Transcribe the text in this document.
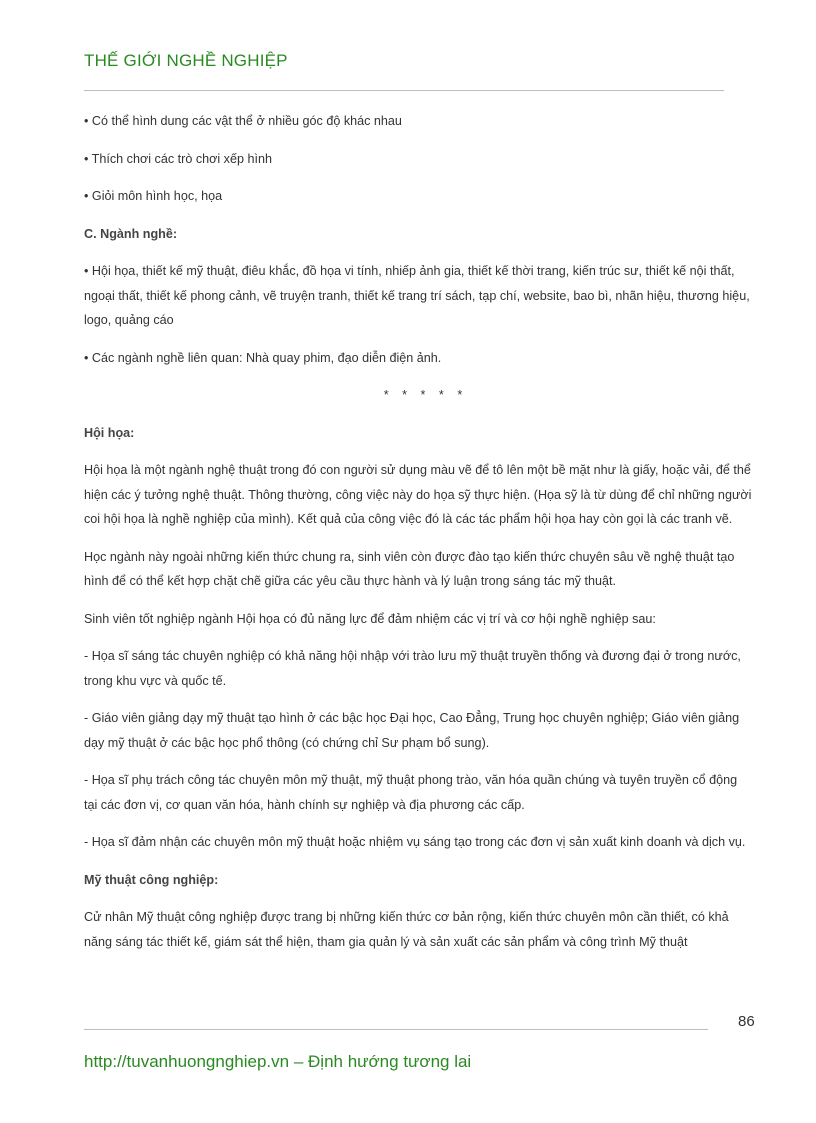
THẾ GIỚI NGHỀ NGHIỆP

• Có thể hình dung các vật thể ở nhiều góc độ khác nhau

• Thích chơi các trò chơi xếp hình

• Giỏi môn hình học, họa

C. Ngành nghề:

• Hội họa, thiết kế mỹ thuật, điêu khắc, đồ họa vi tính, nhiếp ảnh gia, thiết kế thời trang, kiến trúc sư, thiết kế nội thất, ngoại thất, thiết kế phong cảnh, vẽ truyện tranh, thiết kế trang trí sách, tạp chí, website, bao bì, nhãn hiệu, thương hiệu, logo, quảng cáo

• Các ngành nghề liên quan: Nhà quay phim, đạo diễn điện ảnh.

* * * * *

Hội họa:

Hội họa là một ngành nghệ thuật trong đó con người sử dụng màu vẽ để tô lên một bề mặt như là giấy, hoặc vải, để thể hiện các ý tưởng nghệ thuật. Thông thường, công việc này do họa sỹ thực hiện. (Họa sỹ là từ dùng để chỉ những người coi hội họa là nghề nghiệp của mình). Kết quả của công việc đó là các tác phẩm hội họa hay còn gọi là các tranh vẽ.

Học ngành này ngoài những kiến thức chung ra, sinh viên còn được đào tạo kiến thức chuyên sâu về nghệ thuật tạo hình để có thể kết hợp chặt chẽ giữa các yêu cầu thực hành và lý luận trong sáng tác mỹ thuật.

Sinh viên tốt nghiệp ngành Hội họa có đủ năng lực để đảm nhiệm các vị trí và cơ hội nghề nghiệp sau:

- Họa sĩ sáng tác chuyên nghiệp có khả năng hội nhập với trào lưu mỹ thuật truyền thống và đương đại ở trong nước, trong khu vực và quốc tế.

- Giáo viên giảng dạy mỹ thuật tạo hình ở các bậc học Đại học, Cao Đẳng, Trung học chuyên nghiệp; Giáo viên giảng dạy mỹ thuật ở các bậc học phổ thông (có chứng chỉ Sư phạm bổ sung).

- Họa sĩ phụ trách công tác chuyên môn mỹ thuật, mỹ thuật phong trào, văn hóa quần chúng và tuyên truyền cổ động tại các đơn vị, cơ quan văn hóa, hành chính sự nghiệp và địa phương các cấp.

- Họa sĩ đảm nhận các chuyên môn mỹ thuật hoặc nhiệm vụ sáng tạo trong các đơn vị sản xuất kinh doanh và dịch vụ.

Mỹ thuật công nghiệp:

Cử nhân Mỹ thuật công nghiệp được trang bị những kiến thức cơ bản rộng, kiến thức chuyên môn cần thiết, có khả năng sáng tác thiết kế, giám sát thể hiện, tham gia quản lý và sản xuất các sản phẩm và công trình Mỹ thuật

86
http://tuvanhuongnghiep.vn – Định hướng tương lai
